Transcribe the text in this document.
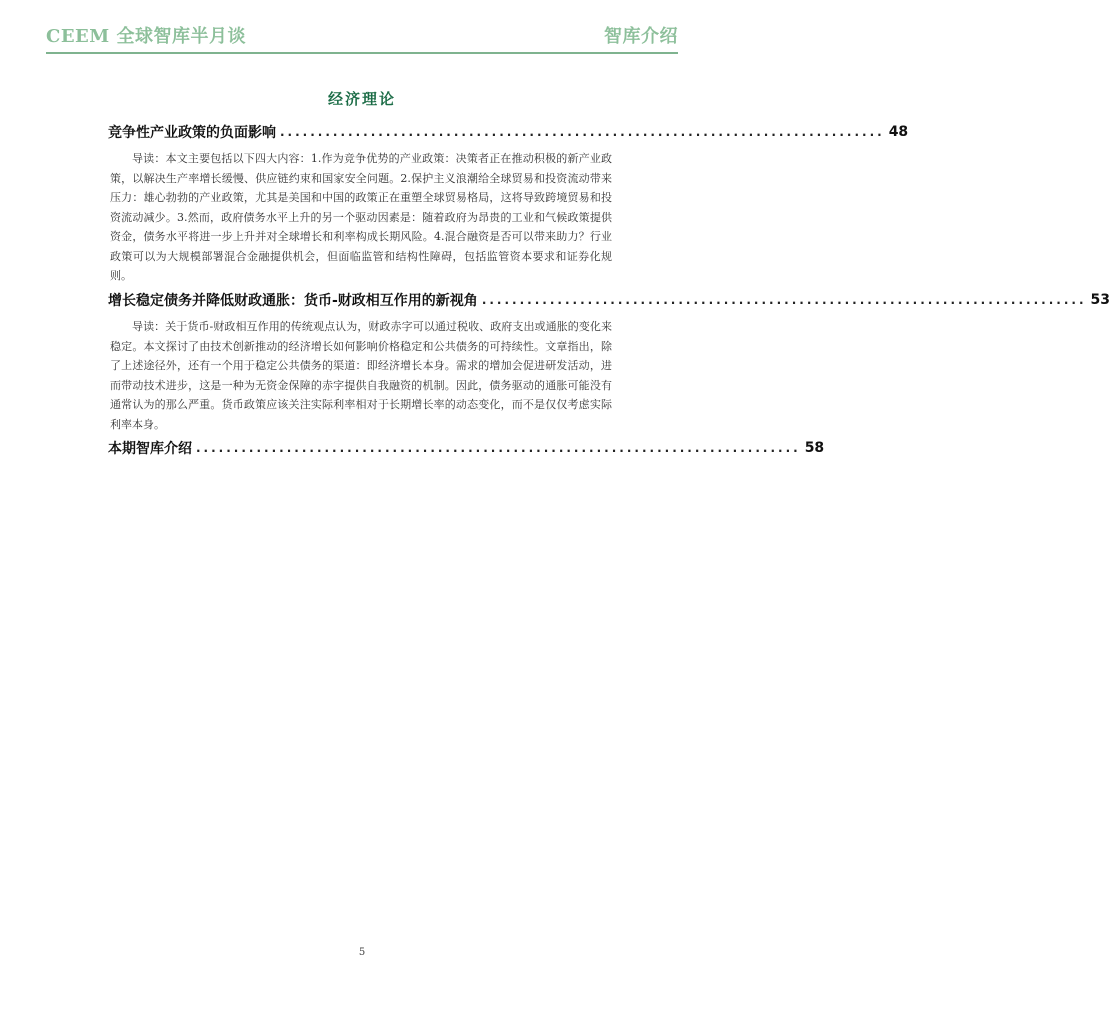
CEEM 全球智库半月谈	智库介绍
经济理论
竞争性产业政策的负面影响 ................................................................................ 48

导读：本文主要包括以下四大内容：1.作为竞争优势的产业政策：决策者正在推动积极的新产业政策，以解决生产率增长缓慢、供应链约束和国家安全问题。2.保护主义浪潮给全球贸易和投资流动带来压力：雄心勃勃的产业政策，尤其是美国和中国的政策正在重塑全球贸易格局，这将导致跨境贸易和投资流动减少。3.然而，政府债务水平上升的另一个驱动因素是：随着政府为昂贵的工业和气候政策提供资金，债务水平将进一步上升并对全球增长和利率构成长期风险。4.混合融资是否可以带来助力？行业政策可以为大规模部署混合金融提供机会，但面临监管和结构性障碍，包括监管资本要求和证券化规则。

增长稳定债务并降低财政通胀：货币-财政相互作用的新视角 ................................................................................ 53

导读：关于货币-财政相互作用的传统观点认为，财政赤字可以通过税收、政府支出或通胀的变化来稳定。本文探讨了由技术创新推动的经济增长如何影响价格稳定和公共债务的可持续性。文章指出，除了上述途径外，还有一个用于稳定公共债务的渠道：即经济增长本身。需求的增加会促进研发活动，进而带动技术进步，这是一种为无资金保障的赤字提供自我融资的机制。因此，债务驱动的通胀可能没有通常认为的那么严重。货币政策应该关注实际利率相对于长期增长率的动态变化，而不是仅仅考虑实际利率本身。

本期智库介绍 ................................................................................ 58
5
